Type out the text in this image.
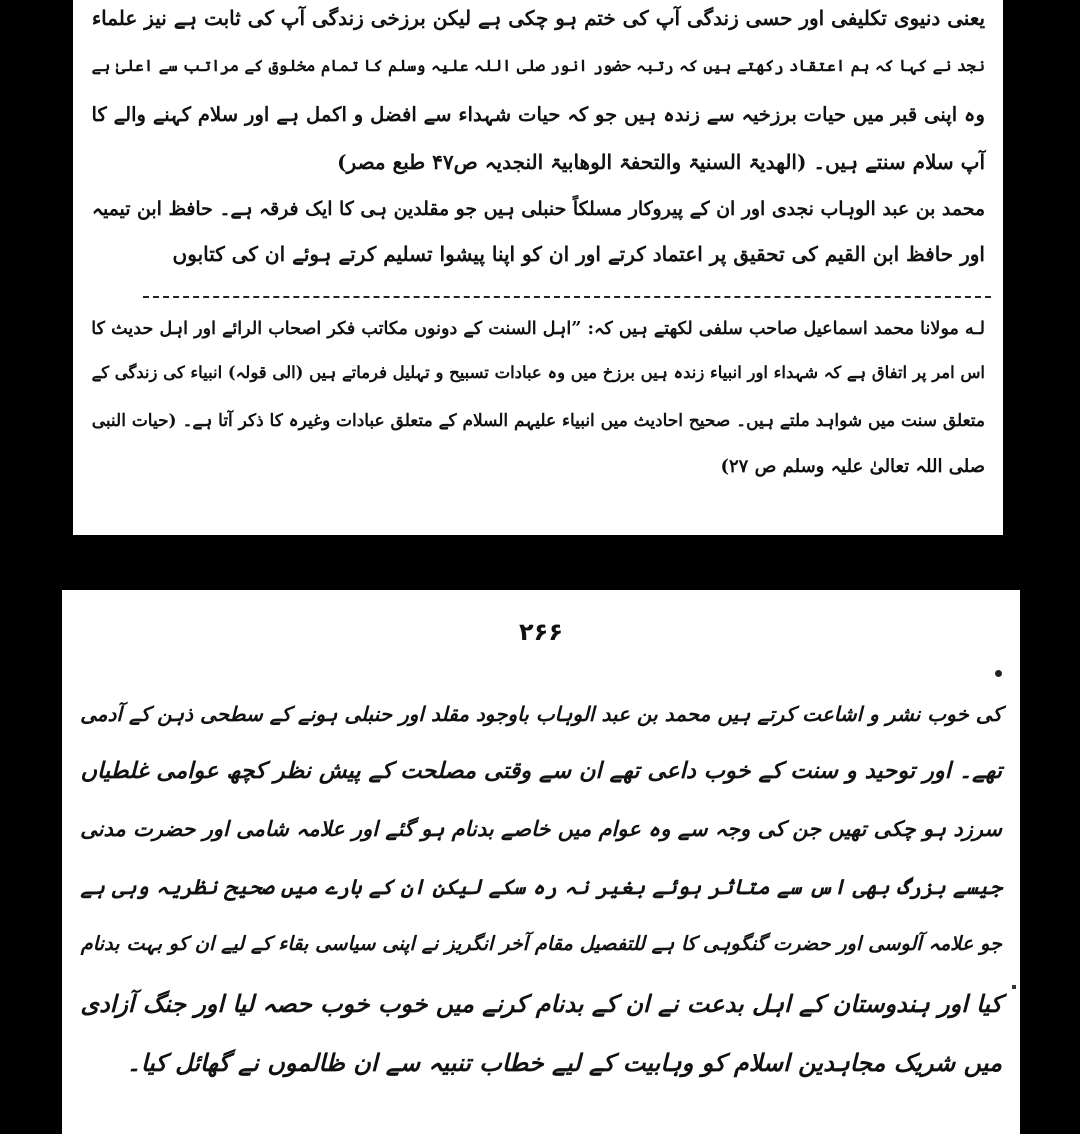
یعنی دنیوی تکلیفی اور حسی زندگی آپ کی ختم ہو چکی ہے لیکن برزخی زندگی آپ کی ثابت ہے نیز علماء
نجد نے کہا کہ ہم اعتقاد رکھتے ہیں کہ رتبہ حضور انور صلی اللہ علیہ وسلم کا تمام مخلوق کے مراتب سے اعلیٰ ہے
وہ اپنی قبر میں حیات برزخیہ سے زندہ ہیں جو کہ حیات شہداء سے افضل و اکمل ہے اور سلام کہنے والے کا
آپ سلام سنتے ہیں۔ (الھدیۃ السنیۃ والتحفۃ الوھابیۃ النجدیہ ص۴۷ طبع مصر)
محمد بن عبد الوہاب نجدی اور ان کے پیروکار مسلکاً حنبلی ہیں جو مقلدین ہی کا ایک فرقہ ہے۔ حافظ ابن تیمیہ
اور حافظ ابن القیم کی تحقیق پر اعتماد کرتے اور ان کو اپنا پیشوا تسلیم کرتے ہوئے ان کی کتابوں
لـه مولانا محمد اسماعیل صاحب سلفی لکھتے ہیں کہ: ”اہل السنت کے دونوں مکاتب فکر اصحاب الرائے اور اہل حدیث کا
اس امر پر اتفاق ہے کہ شہداء اور انبیاء زندہ ہیں برزخ میں وہ عبادات تسبیح و تہلیل فرماتے ہیں (الی قولہ) انبیاء کی زندگی کے
متعلق سنت میں شواہد ملتے ہیں۔ صحیح احادیث میں انبیاء علیہم السلام کے متعلق عبادات وغیرہ کا ذکر آتا ہے۔ (حیات النبی
صلی اللہ تعالیٰ علیہ وسلم ص ۲۷)
۲۶۶
کی خوب نشر و اشاعت کرتے ہیں محمد بن عبد الوہاب باوجود مقلد اور حنبلی ہونے کے سطحی ذہن کے آدمی
تھے۔ اور توحید و سنت کے خوب داعی تھے ان سے وقتی مصلحت کے پیش نظر کچھ عوامی غلطیاں
سرزد ہو چکی تھیں جن کی وجہ سے وہ عوام میں خاصے بدنام ہو گئے اور علامہ شامی اور حضرت مدنی
جیسے بزرگ بھی اس سے متاثر ہوئے بغیر نہ رہ سکے لیکن ان کے بارے میں صحیح نظریہ وہی ہے
جو علامہ آلوسی اور حضرت گنگوہی کا ہے للتفصیل مقام آخر انگریز نے اپنی سیاسی بقاء کے لیے ان کو بہت بدنام
کیا اور ہندوستان کے اہل بدعت نے ان کے بدنام کرنے میں خوب خوب حصہ لیا اور جنگ آزادی
میں شریک مجاہدین اسلام کو وہابیت کے لیے خطاب تنبیہ سے ان ظالموں نے گھائل کیا۔
